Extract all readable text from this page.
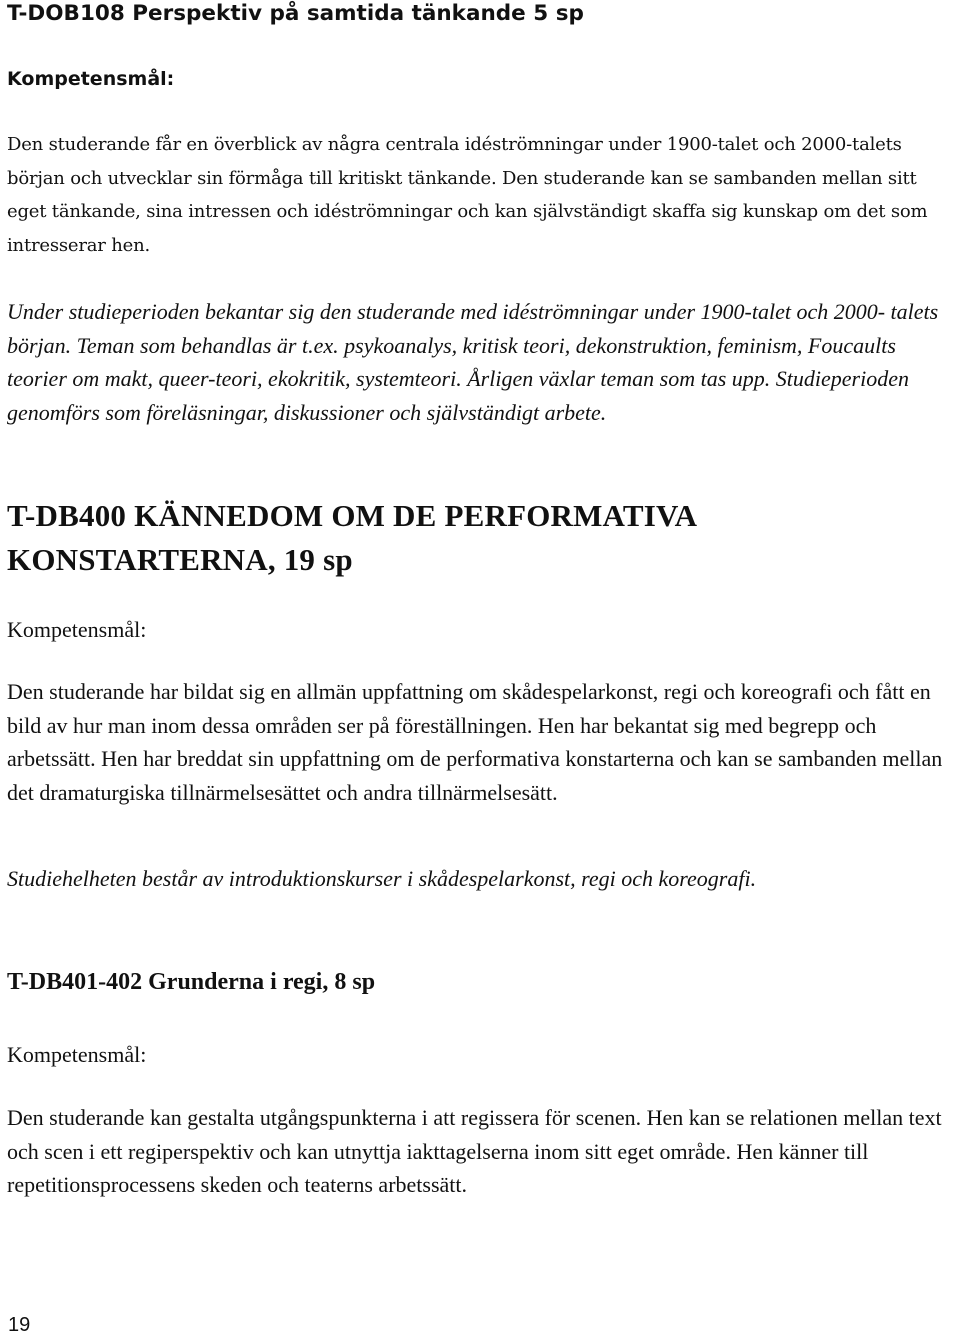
T-DOB108 Perspektiv på samtida tänkande 5 sp

Kompetensmål:

Den studerande får en överblick av några centrala idéströmningar under 1900-talet och 2000-talets början och utvecklar sin förmåga till kritiskt tänkande. Den studerande kan se sambanden mellan sitt eget tänkande, sina intressen och idéströmningar och kan självständigt skaffa sig kunskap om det som intresserar hen.

Under studieperioden bekantar sig den studerande med idéströmningar under 1900-talet och 2000- talets början. Teman som behandlas är t.ex. psykoanalys, kritisk teori, dekonstruktion, feminism, Foucaults teorier om makt, queer-teori, ekokritik, systemteori. Årligen växlar teman som tas upp. Studieperioden genomförs som föreläsningar, diskussioner och självständigt arbete.

T-DB400 KÄNNEDOM OM DE PERFORMATIVA KONSTARTERNA, 19 sp

Kompetensmål:

Den studerande har bildat sig en allmän uppfattning om skådespelarkonst, regi och koreografi och fått en bild av hur man inom dessa områden ser på föreställningen. Hen har bekantat sig med begrepp och arbetssätt. Hen har breddat sin uppfattning om de performativa konstarterna och kan se sambanden mellan det dramaturgiska tillnärmelsesättet och andra tillnärmelsesätt.

Studiehelheten består av introduktionskurser i skådespelarkonst, regi och koreografi.

T-DB401-402 Grunderna i regi, 8 sp

Kompetensmål:

Den studerande kan gestalta utgångspunkterna i att regissera för scenen. Hen kan se relationen mellan text och scen i ett regiperspektiv och kan utnyttja iakttagelserna inom sitt eget område. Hen känner till repetitionsprocessens skeden och teaterns arbetssätt.

19
